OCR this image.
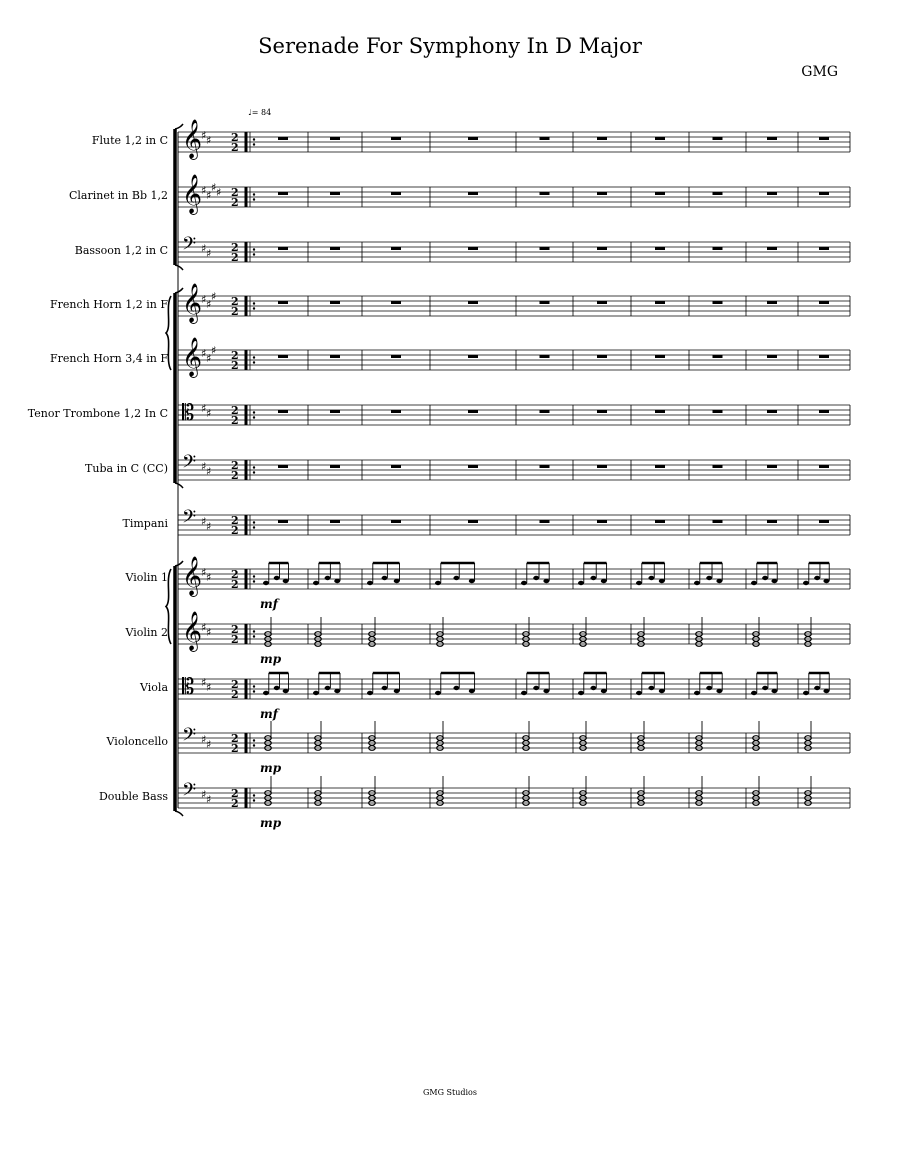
Serenade For Symphony In D Major
GMG
♩= 84
Flute 1,2 in C
Clarinet in Bb 1,2
Bassoon 1,2 in C
French Horn 1,2 in F
French Horn 3,4 in F
Tenor Trombone 1,2 In C
Tuba in C (CC)
Timpani
Violin 1
Violin 2
Viola
Violoncello
Double Bass
mf
mp
mf
mp
mp
𝄞
♯ ♯ 2
2
𝄞
♯ ♯
♯ ♯ 2
2
𝄢 ♯ ♯ 2
2
𝄞
♯ ♯
♯ 2
2
𝄞
♯ ♯
♯ 2
2
𝄡 ♯ ♯ 2
2
𝄢 ♯ ♯ 2
2
𝄢 ♯ ♯ 2
2
𝄞
♯ ♯ 2
2
𝄞
♯ ♯ 2
2
𝄡 ♯ ♯ 2
2
𝄢 ♯ ♯ 2
2
𝄢 ♯ ♯ 2
2
GMG Studios
